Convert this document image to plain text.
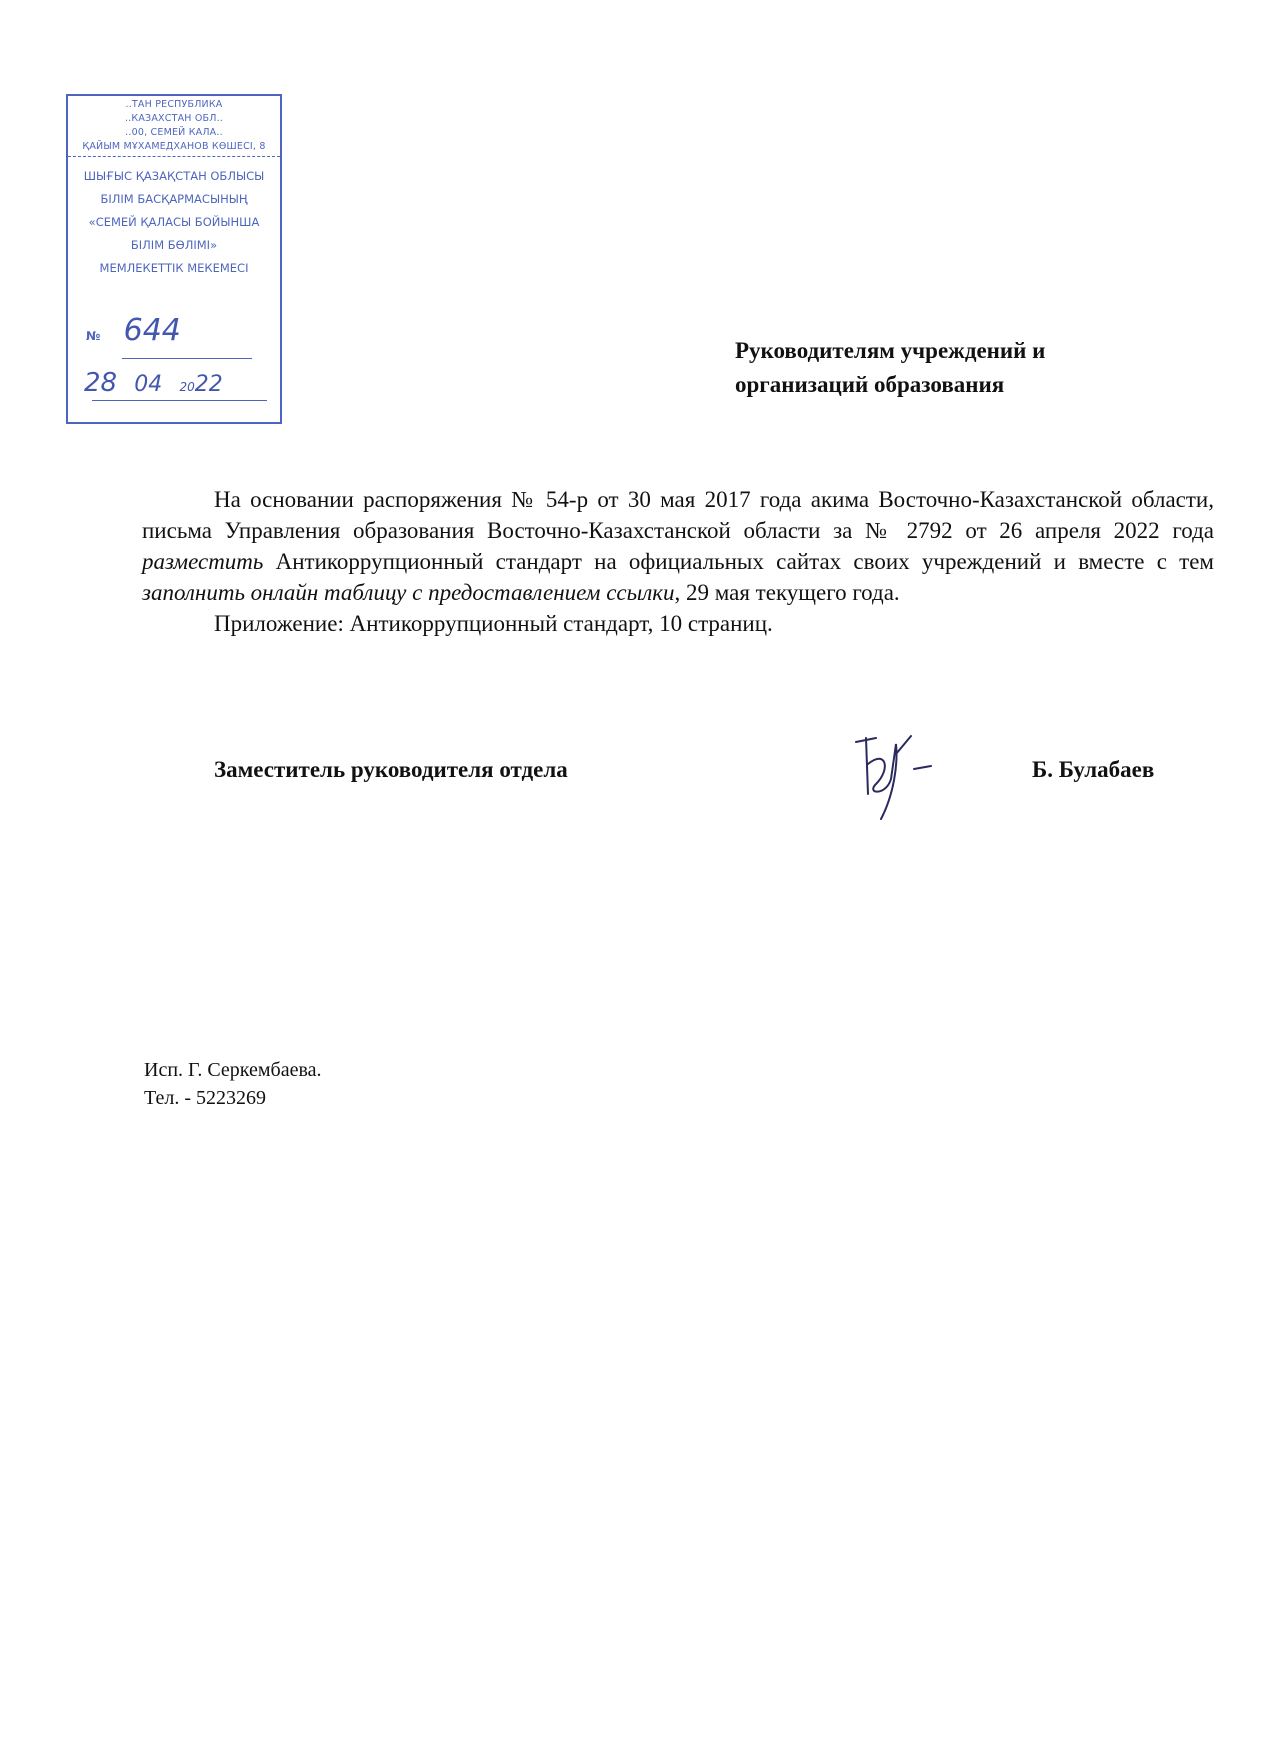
..ТАН РЕСПУБЛИКА
..КАЗАХСТАН ОБЛ..
..00, СЕМЕЙ КАЛА..
ҚАЙЫМ МҰХАМЕДХАНОВ КӨШЕСІ, 8
ШЫҒЫС ҚАЗАҚСТАН ОБЛЫСЫ
БІЛІМ БАСҚАРМАСЫНЫҢ
«СЕМЕЙ ҚАЛАСЫ БОЙЫНША
БІЛІМ БӨЛІМІ»
МЕМЛЕКЕТТІК МЕКЕМЕСІ
№ 644
28 04 2022
Руководителям учреждений и
организаций образования

На основании распоряжения № 54-р от 30 мая 2017 года акима Восточно-Казахстанской области, письма Управления образования Восточно-Казахстанской области за № 2792 от 26 апреля 2022 года разместить Антикоррупционный стандарт на официальных сайтах своих учреждений и вместе с тем заполнить онлайн таблицу с предоставлением ссылки, 29 мая текущего года.

Приложение: Антикоррупционный стандарт, 10 страниц.

Заместитель руководителя отдела	Б. Булабаев
Исп. Г. Серкембаева.
Тел. - 5223269
